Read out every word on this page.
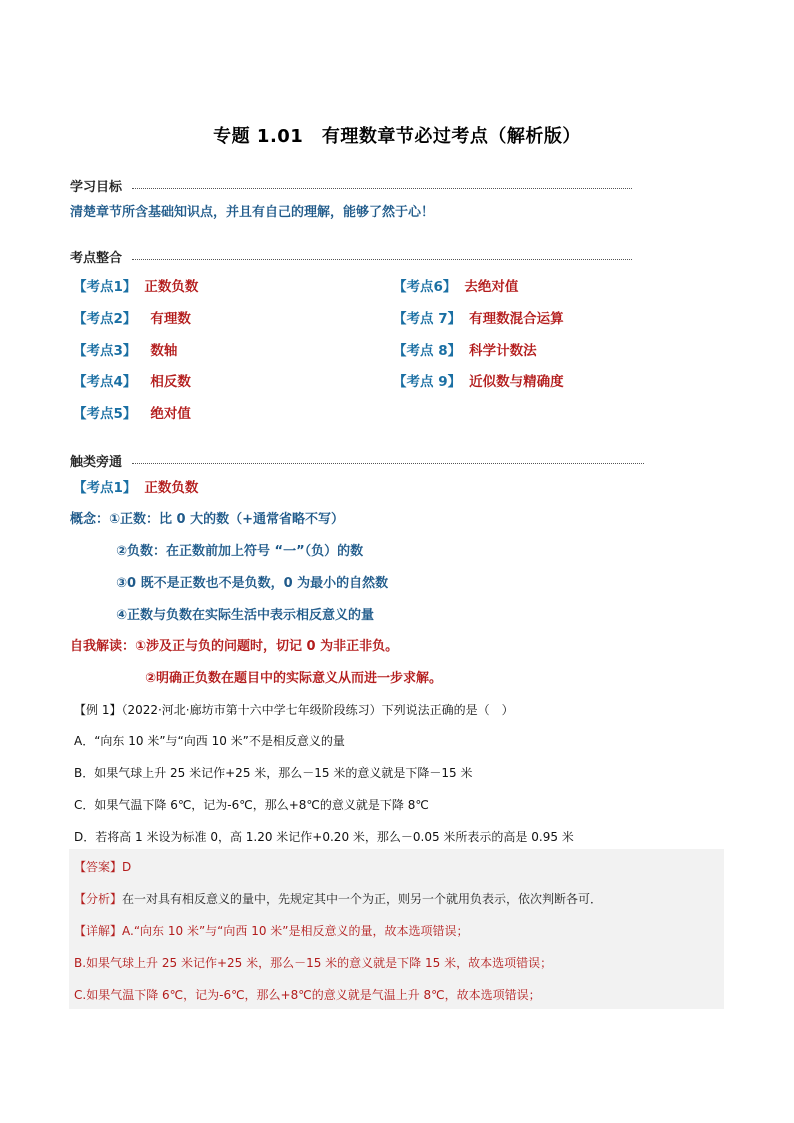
专题 1.01　有理数章节必过考点（解析版）
学习目标
清楚章节所含基础知识点，并且有自己的理解，能够了然于心！
考点整合
【考点1】 正数负数
【考点2】 有理数
【考点3】 数轴
【考点4】 相反数
【考点5】 绝对值
【考点6】 去绝对值
【考点 7】 有理数混合运算
【考点 8】 科学计数法
【考点 9】 近似数与精确度
触类旁通
【考点1】 正数负数
概念：①正数：比 0 大的数（+通常省略不写）
②负数：在正数前加上符号 “一”（负）的数
③0 既不是正数也不是负数，0 为最小的自然数
④正数与负数在实际生活中表示相反意义的量
自我解读：①涉及正与负的问题时，切记 0 为非正非负。
②明确正负数在题目中的实际意义从而进一步求解。
【例 1】（2022·河北·廊坊市第十六中学七年级阶段练习）下列说法正确的是（　）
A．“向东 10 米”与“向西 10 米”不是相反意义的量
B．如果气球上升 25 米记作+25 米，那么－15 米的意义就是下降－15 米
C．如果气温下降 6℃，记为-6℃，那么+8℃的意义就是下降 8℃
D．若将高 1 米设为标准 0，高 1.20 米记作+0.20 米，那么－0.05 米所表示的高是 0.95 米
【答案】D
【分析】在一对具有相反意义的量中，先规定其中一个为正，则另一个就用负表示，依次判断各可．
【详解】A.“向东 10 米”与“向西 10 米”是相反意义的量，故本选项错误；
B.如果气球上升 25 米记作+25 米，那么－15 米的意义就是下降 15 米，故本选项错误；
C.如果气温下降 6℃，记为-6℃，那么+8℃的意义就是气温上升 8℃，故本选项错误；
